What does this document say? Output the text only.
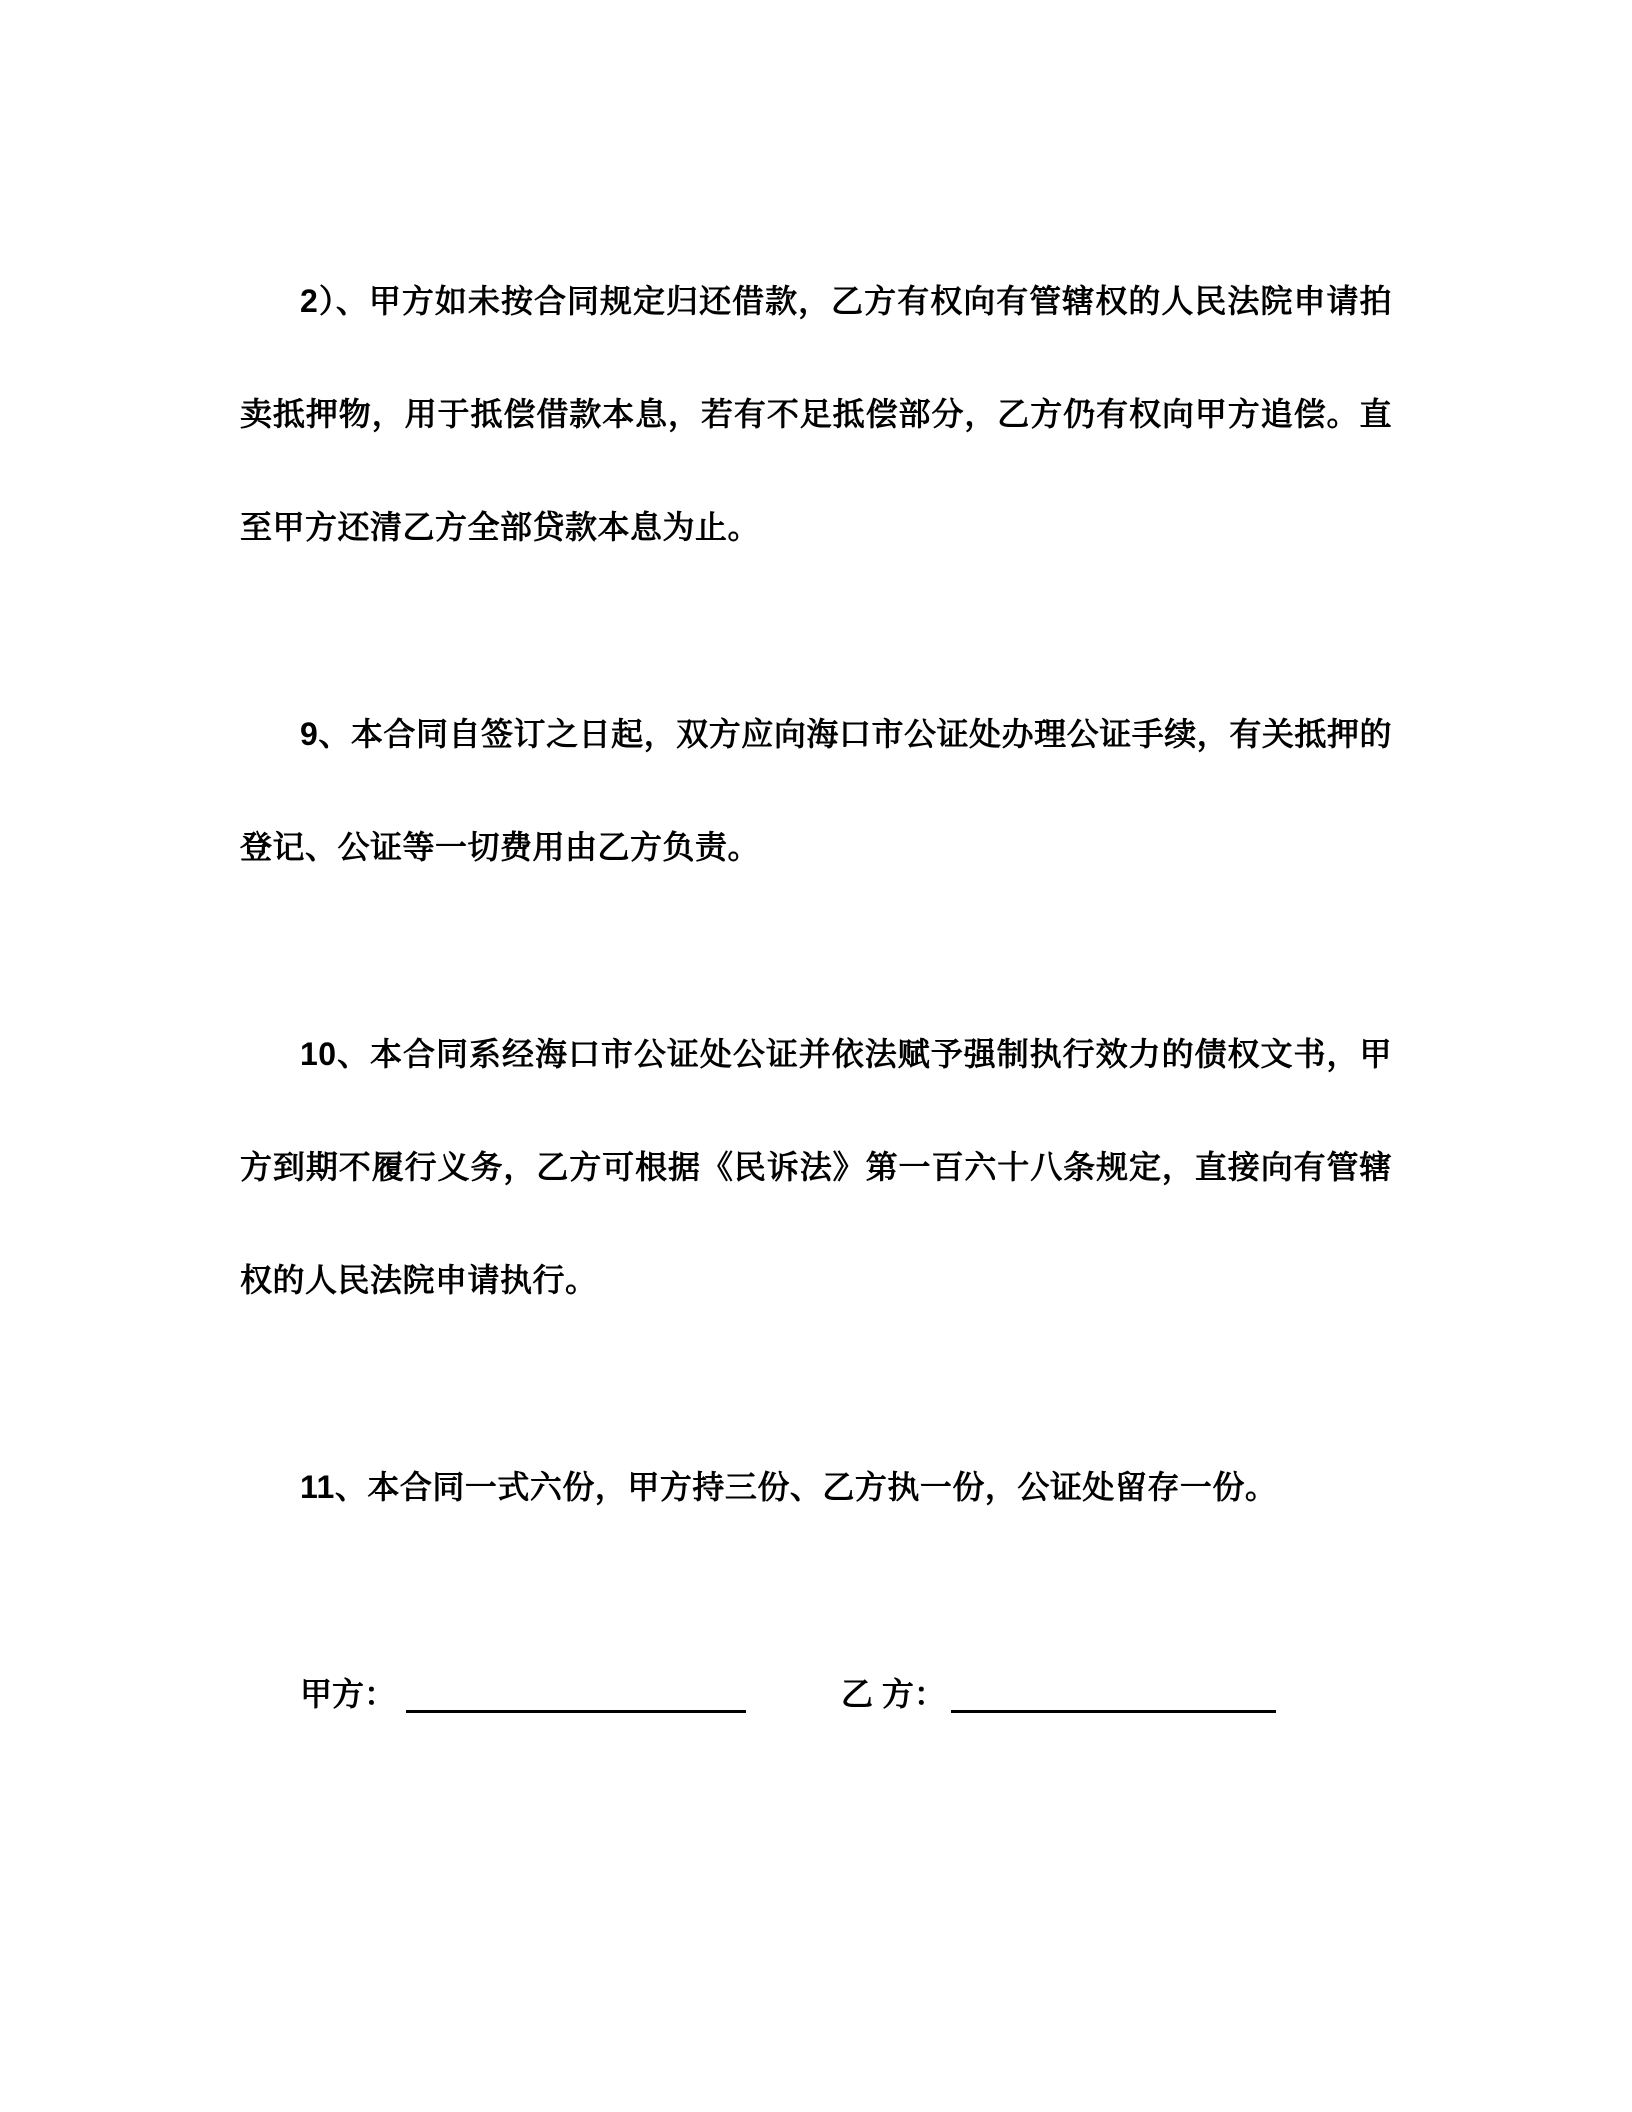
2）、甲方如未按合同规定归还借款，乙方有权向有管辖权的人民法院申请拍卖抵押物，用于抵偿借款本息，若有不足抵偿部分，乙方仍有权向甲方追偿。直至甲方还清乙方全部贷款本息为止。

9、本合同自签订之日起，双方应向海口市公证处办理公证手续，有关抵押的登记、公证等一切费用由乙方负责。

10、本合同系经海口市公证处公证并依法赋予强制执行效力的债权文书，甲方到期不履行义务，乙方可根据《民诉法》第一百六十八条规定，直接向有管辖权的人民法院申请执行。

11、本合同一式六份，甲方持三份、乙方执一份，公证处留存一份。

甲方：	乙 方：
